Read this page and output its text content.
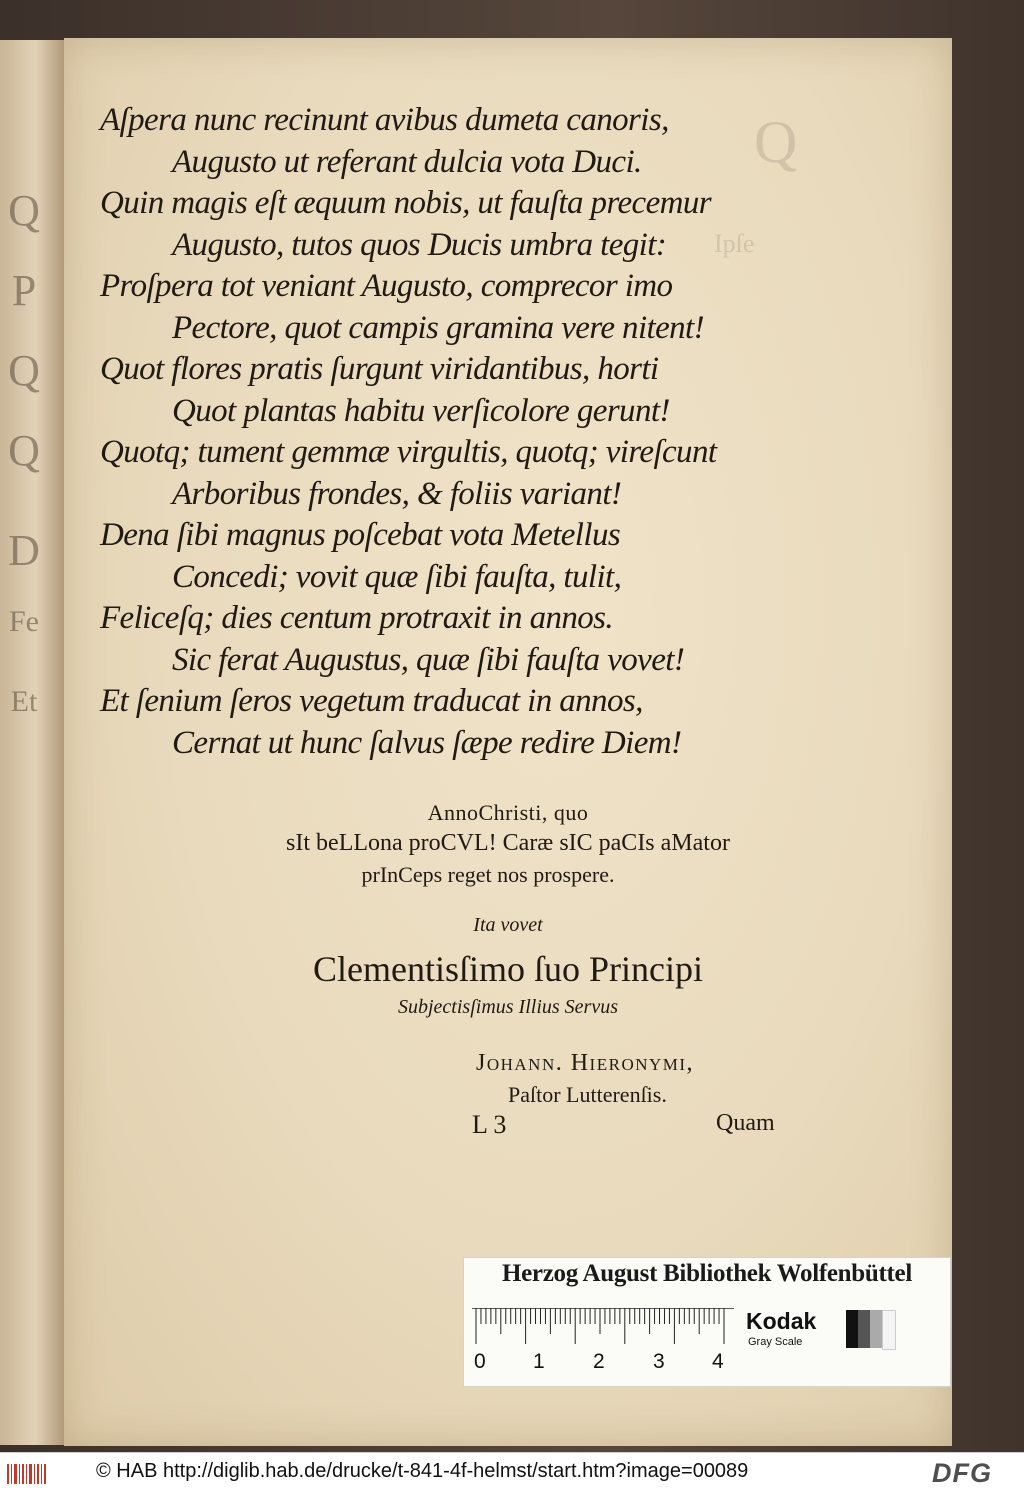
Q
P
Q
Q
D
Fe
Et
Q
Ipſe
Aſpera nunc recinunt avibus dumeta canoris,
Augusto ut referant dulcia vota Duci.
Quin magis eſt æquum nobis, ut fauſta precemur
Augusto, tutos quos Ducis umbra tegit:
Proſpera tot veniant Augusto, comprecor imo
Pectore, quot campis gramina vere nitent!
Quot flores pratis ſurgunt viridantibus, horti
Quot plantas habitu verſicolore gerunt!
Quotq; tument gemmæ virgultis, quotq; vireſcunt
Arboribus frondes, & foliis variant!
Dena ſibi magnus poſcebat vota Metellus
Concedi; vovit quæ ſibi fauſta, tulit,
Feliceſq; dies centum protraxit in annos.
Sic ferat Augustus, quæ ſibi fauſta vovet!
Et ſenium ſeros vegetum traducat in annos,
Cernat ut hunc ſalvus ſæpe redire Diem!
AnnoChristi, quo
sIt beLLona proCVL! Caræ sIC paCIs aMator
prInCeps reget nos prospere.
Ita vovet
Clementisſimo ſuo Principi
Subjectisſimus Illius Servus
Johann. Hieronymi,
Paſtor Lutterenſis.
L 3	Quam
Herzog August Bibliothek Wolfenbüttel
0 1 2 3 4
Kodak
Gray Scale
© HAB http://diglib.hab.de/drucke/t-841-4f-helmst/start.htm?image=00089	DFG
